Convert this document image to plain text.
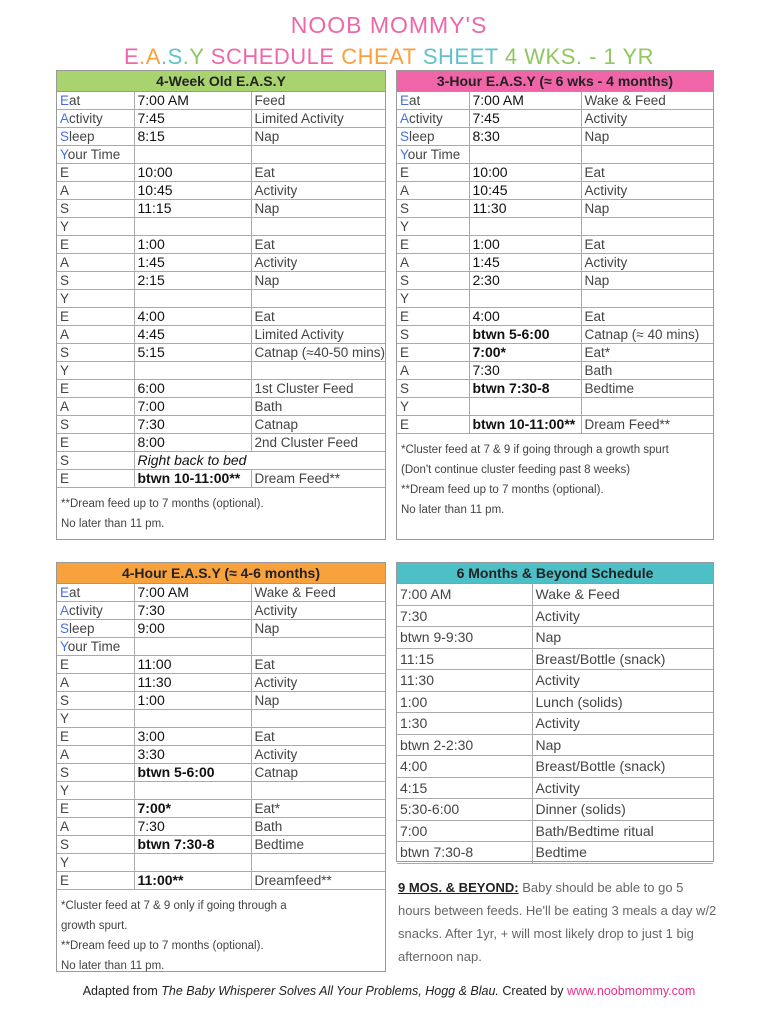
NOOB MOMMY'S
E.A.S.Y SCHEDULE CHEAT SHEET 4 WKS. - 1 YR
4-Week Old E.A.S.Y
Eat	7:00 AM	Feed
Activity	7:45	Limited Activity
Sleep	8:15	Nap
Your Time		
E	10:00	Eat
A	10:45	Activity
S	11:15	Nap
Y		
E	1:00	Eat
A	1:45	Activity
S	2:15	Nap
Y		
E	4:00	Eat
A	4:45	Limited Activity
S	5:15	Catnap (≈40-50 mins)
Y		
E	6:00	1st Cluster Feed
A	7:00	Bath
S	7:30	Catnap
E	8:00	2nd Cluster Feed
S	Right back to bed	
E	btwn 10-11:00**	Dream Feed**
**Dream feed up to 7 months (optional).
No later than 11 pm.
3-Hour E.A.S.Y (≈ 6 wks - 4 months)
Eat	7:00 AM	Wake & Feed
Activity	7:45	Activity
Sleep	8:30	Nap
Your Time		
E	10:00	Eat
A	10:45	Activity
S	11:30	Nap
Y		
E	1:00	Eat
A	1:45	Activity
S	2:30	Nap
Y		
E	4:00	Eat
S	btwn 5-6:00	Catnap (≈ 40 mins)
E	7:00*	Eat*
A	7:30	Bath
S	btwn 7:30-8	Bedtime
Y		
E	btwn 10-11:00**	Dream Feed**
*Cluster feed at 7 & 9 if going through a growth spurt
(Don't continue cluster feeding past 8 weeks)
**Dream feed up to 7 months (optional).
No later than 11 pm.
4-Hour E.A.S.Y (≈ 4-6 months)
Eat	7:00 AM	Wake & Feed
Activity	7:30	Activity
Sleep	9:00	Nap
Your Time		
E	11:00	Eat
A	11:30	Activity
S	1:00	Nap
Y		
E	3:00	Eat
A	3:30	Activity
S	btwn 5-6:00	Catnap
Y		
E	7:00*	Eat*
A	7:30	Bath
S	btwn 7:30-8	Bedtime
Y		
E	11:00**	Dreamfeed**
*Cluster feed at 7 & 9 only if going through a
growth spurt.
**Dream feed up to 7 months (optional).
No later than 11 pm.
6 Months & Beyond Schedule
7:00 AM	Wake & Feed
7:30	Activity
btwn 9-9:30	Nap
11:15	Breast/Bottle (snack)
11:30	Activity
1:00	Lunch (solids)
1:30	Activity
btwn 2-2:30	Nap
4:00	Breast/Bottle (snack)
4:15	Activity
5:30-6:00	Dinner (solids)
7:00	Bath/Bedtime ritual
btwn 7:30-8	Bedtime
9 MOS. & BEYOND: Baby should be able to go 5 hours between feeds. He'll be eating 3 meals a day w/2 snacks. After 1yr, + will most likely drop to just 1 big afternoon nap.
Adapted from The Baby Whisperer Solves All Your Problems, Hogg & Blau. Created by www.noobmommy.com
